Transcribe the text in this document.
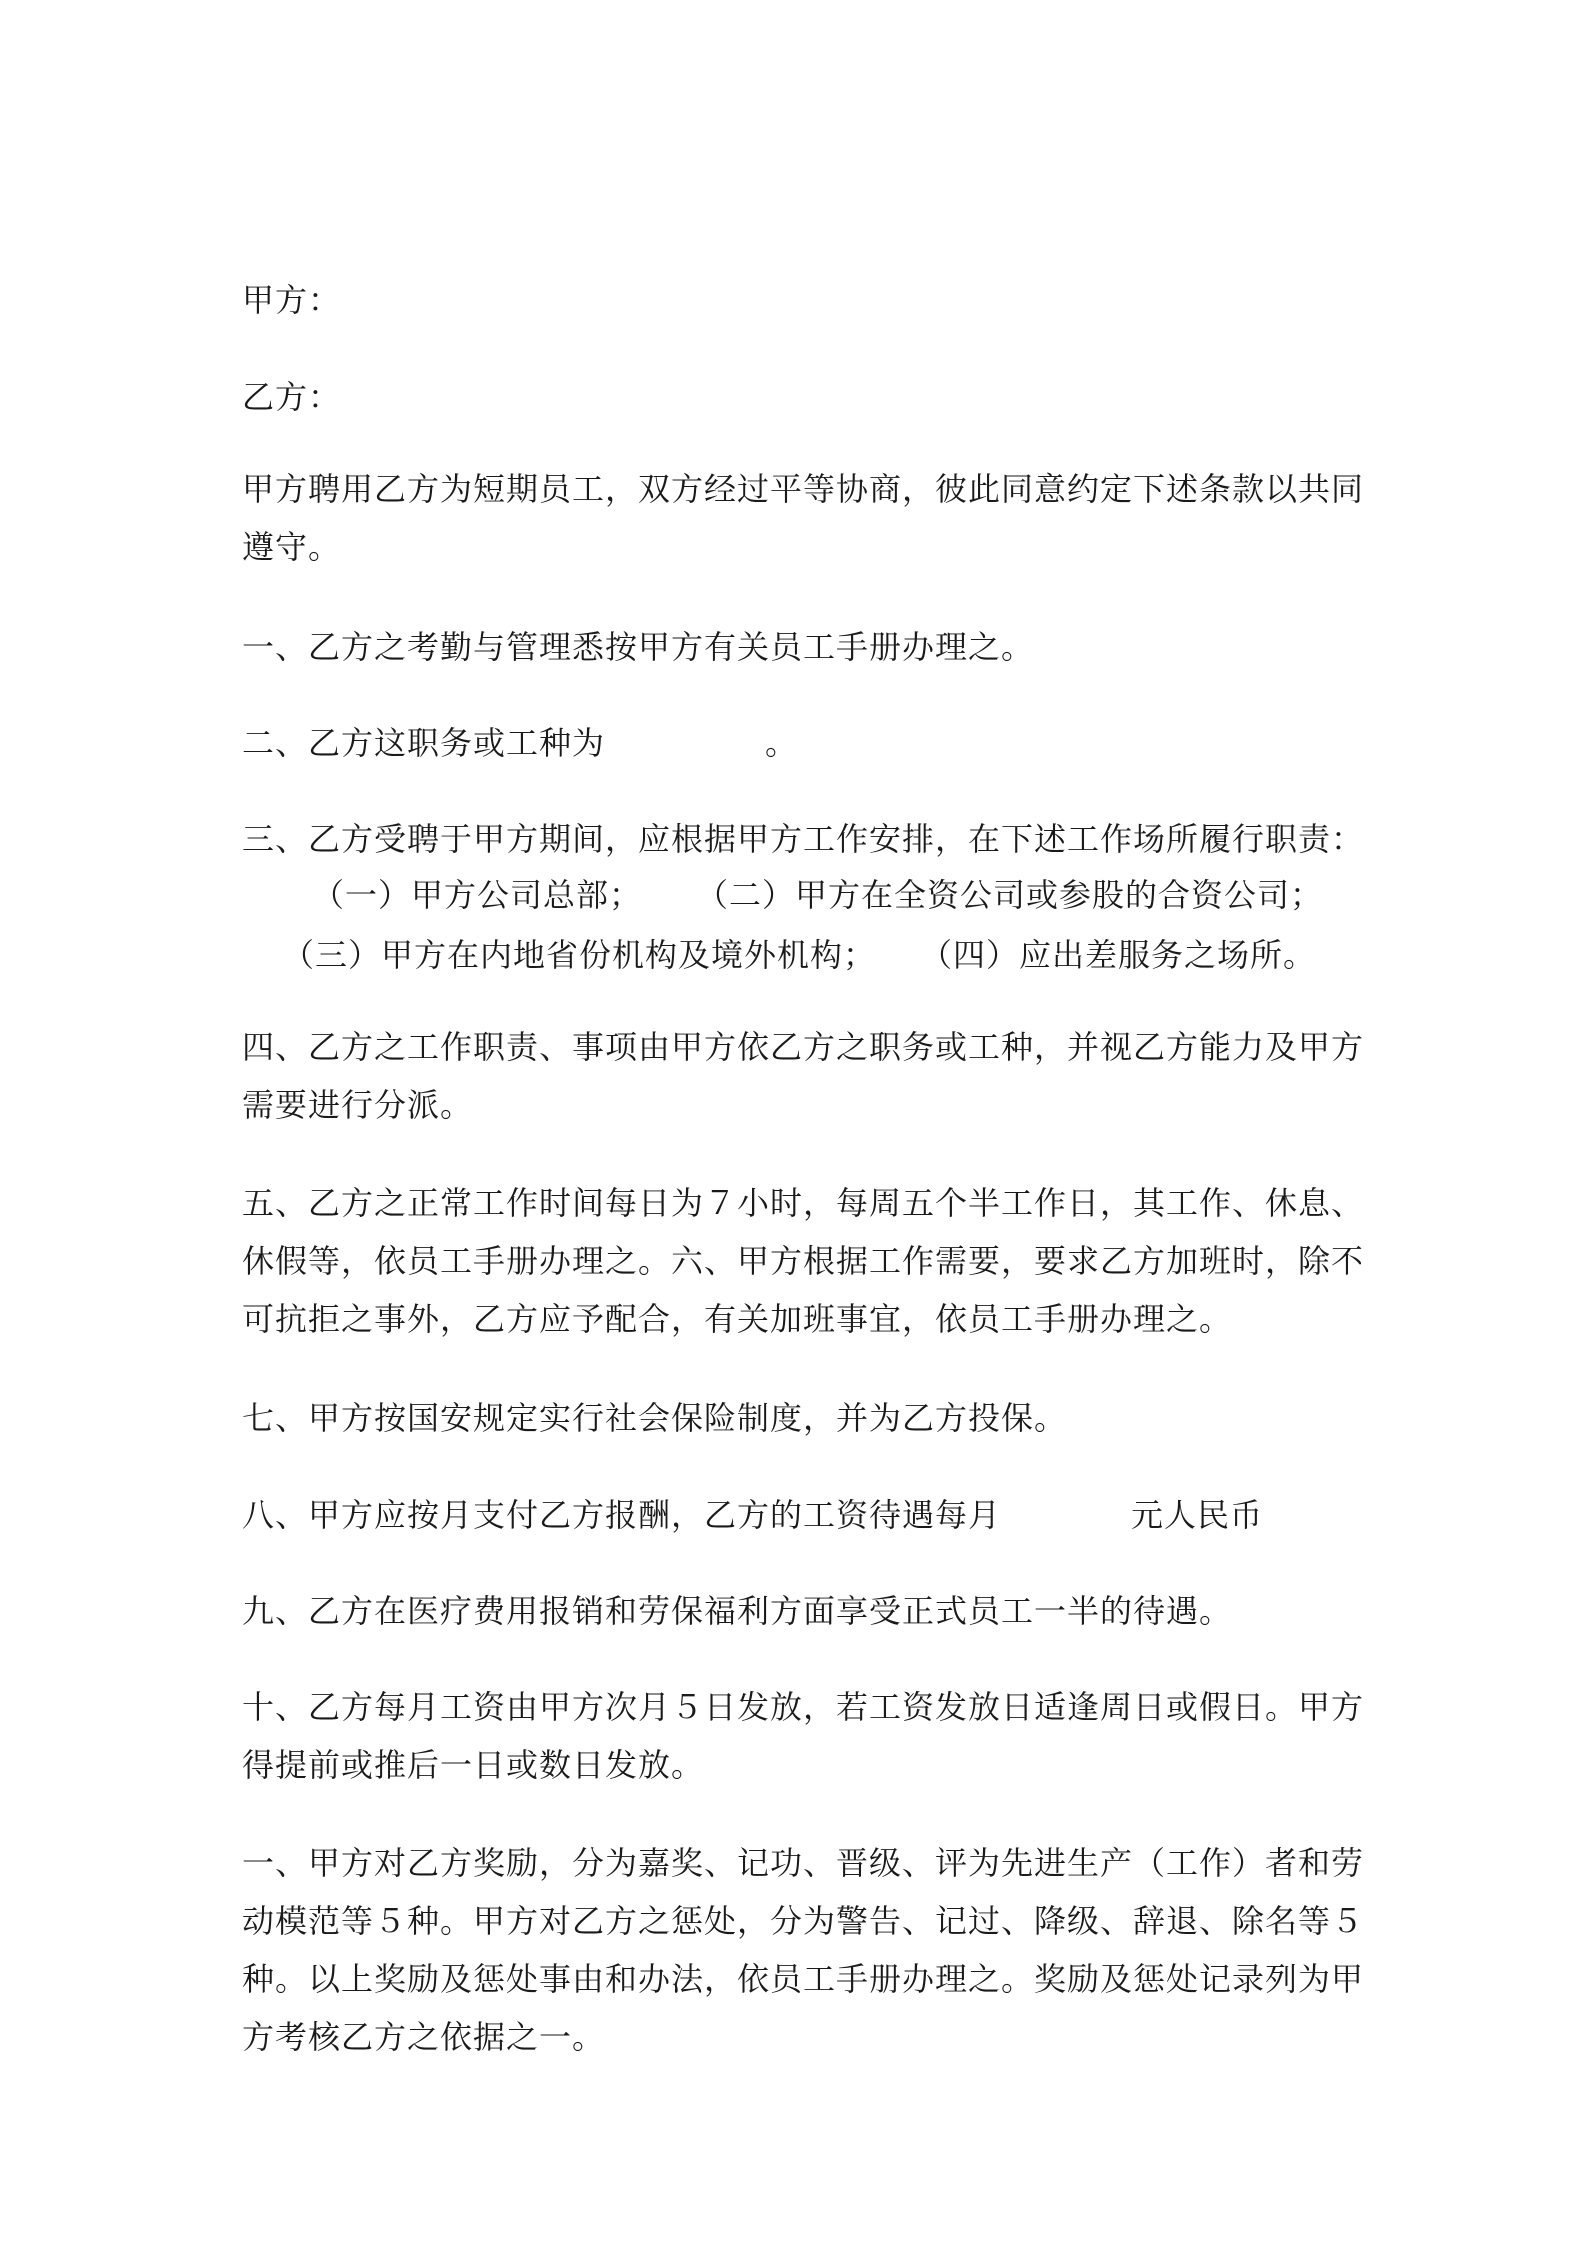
甲方：

乙方：

甲方聘用乙方为短期员工，双方经过平等协商，彼此同意约定下述条款以共同
遵守。

一、乙方之考勤与管理悉按甲方有关员工手册办理之。

二、乙方这职务或工种为	。

三、乙方受聘于甲方期间，应根据甲方工作安排，在下述工作场所履行职责：

（一）甲方公司总部；	（二）甲方在全资公司或参股的合资公司；

（三）甲方在内地省份机构及境外机构；	（四）应出差服务之场所。

四、乙方之工作职责、事项由甲方依乙方之职务或工种，并视乙方能力及甲方
需要进行分派。
五、乙方之正常工作时间每日为７小时，每周五个半工作日，其工作、休息、
休假等，依员工手册办理之。六、甲方根据工作需要，要求乙方加班时，除不
可抗拒之事外，乙方应予配合，有关加班事宜，依员工手册办理之。

七、甲方按国安规定实行社会保险制度，并为乙方投保。

八、甲方应按月支付乙方报酬，乙方的工资待遇每月	元人民币

九、乙方在医疗费用报销和劳保福利方面享受正式员工一半的待遇。

十、乙方每月工资由甲方次月５日发放，若工资发放日适逢周日或假日。甲方
得提前或推后一日或数日发放。
一、甲方对乙方奖励，分为嘉奖、记功、晋级、评为先进生产（工作）者和劳
动模范等５种。甲方对乙方之惩处，分为警告、记过、降级、辞退、除名等５
种。以上奖励及惩处事由和办法，依员工手册办理之。奖励及惩处记录列为甲
方考核乙方之依据之一。
